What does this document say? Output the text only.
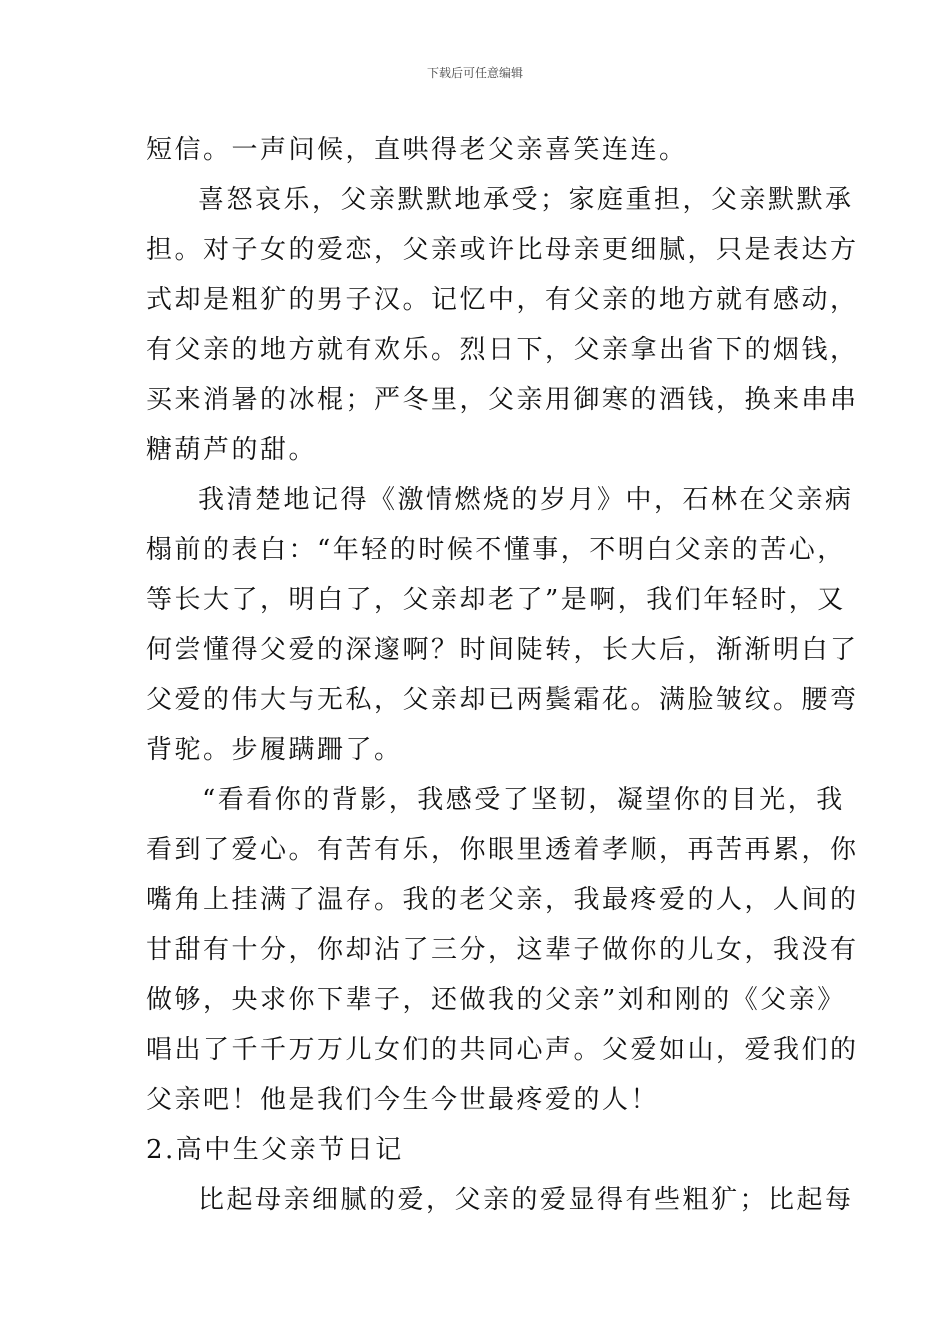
下载后可任意编辑
短信。一声问候，直哄得老父亲喜笑连连。
喜怒哀乐，父亲默默地承受；家庭重担，父亲默默承
担。对子女的爱恋，父亲或许比母亲更细腻，只是表达方
式却是粗犷的男子汉。记忆中，有父亲的地方就有感动，
有父亲的地方就有欢乐。烈日下，父亲拿出省下的烟钱，
买来消暑的冰棍；严冬里，父亲用御寒的酒钱，换来串串
糖葫芦的甜。
我清楚地记得《激情燃烧的岁月》中，石林在父亲病
榻前的表白：“年轻的时候不懂事，不明白父亲的苦心，
等长大了，明白了，父亲却老了”是啊，我们年轻时，又
何尝懂得父爱的深邃啊？时间陡转，长大后，渐渐明白了
父爱的伟大与无私，父亲却已两鬓霜花。满脸皱纹。腰弯
背驼。步履蹒跚了。
“看看你的背影，我感受了坚韧，凝望你的目光，我
看到了爱心。有苦有乐，你眼里透着孝顺，再苦再累，你
嘴角上挂满了温存。我的老父亲，我最疼爱的人，人间的
甘甜有十分，你却沾了三分，这辈子做你的儿女，我没有
做够，央求你下辈子，还做我的父亲”刘和刚的《父亲》
唱出了千千万万儿女们的共同心声。父爱如山，爱我们的
父亲吧！他是我们今生今世最疼爱的人！
2.高中生父亲节日记
比起母亲细腻的爱，父亲的爱显得有些粗犷；比起每
